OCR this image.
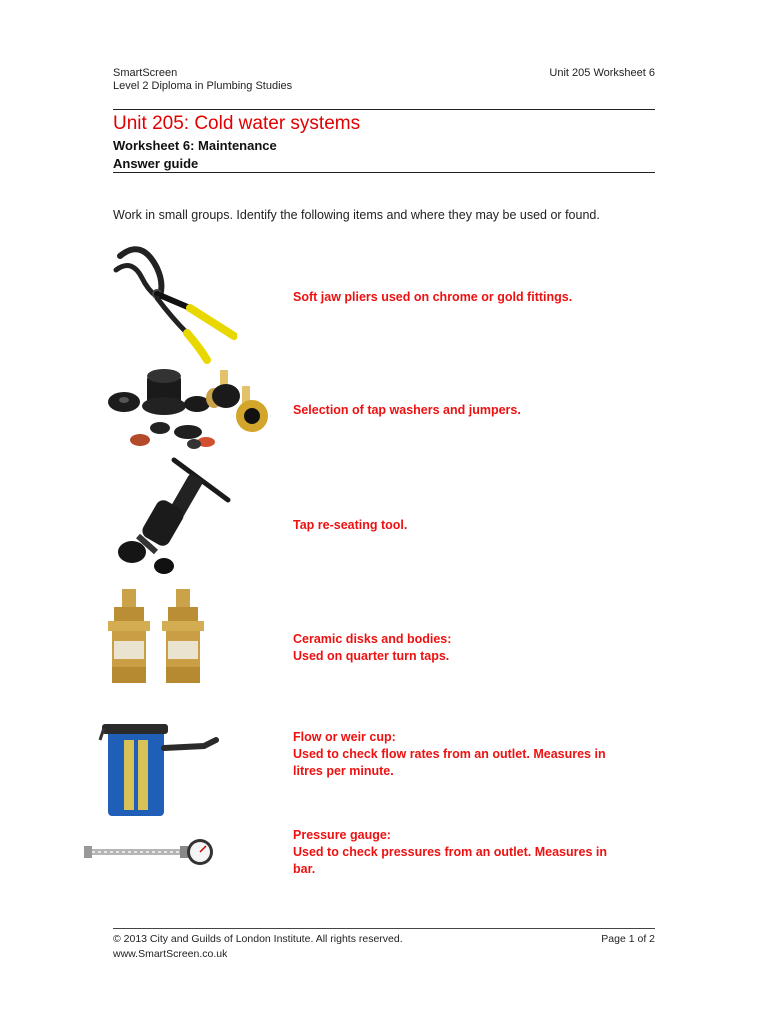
SmartScreen
Level 2 Diploma in Plumbing Studies
Unit 205 Worksheet 6
Unit 205: Cold water systems
Worksheet 6: Maintenance
Answer guide
Work in small groups. Identify the following items and where they may be used or found.
Soft jaw pliers used on chrome or gold fittings.
Selection of tap washers and jumpers.
Tap re-seating tool.
Ceramic disks and bodies:
Used on quarter turn taps.
Flow or weir cup:
Used to check flow rates from an outlet. Measures in
litres per minute.
Pressure gauge:
Used to check pressures from an outlet. Measures in
bar.
© 2013 City and Guilds of London Institute. All rights reserved.
www.SmartScreen.co.uk
Page 1 of 2
